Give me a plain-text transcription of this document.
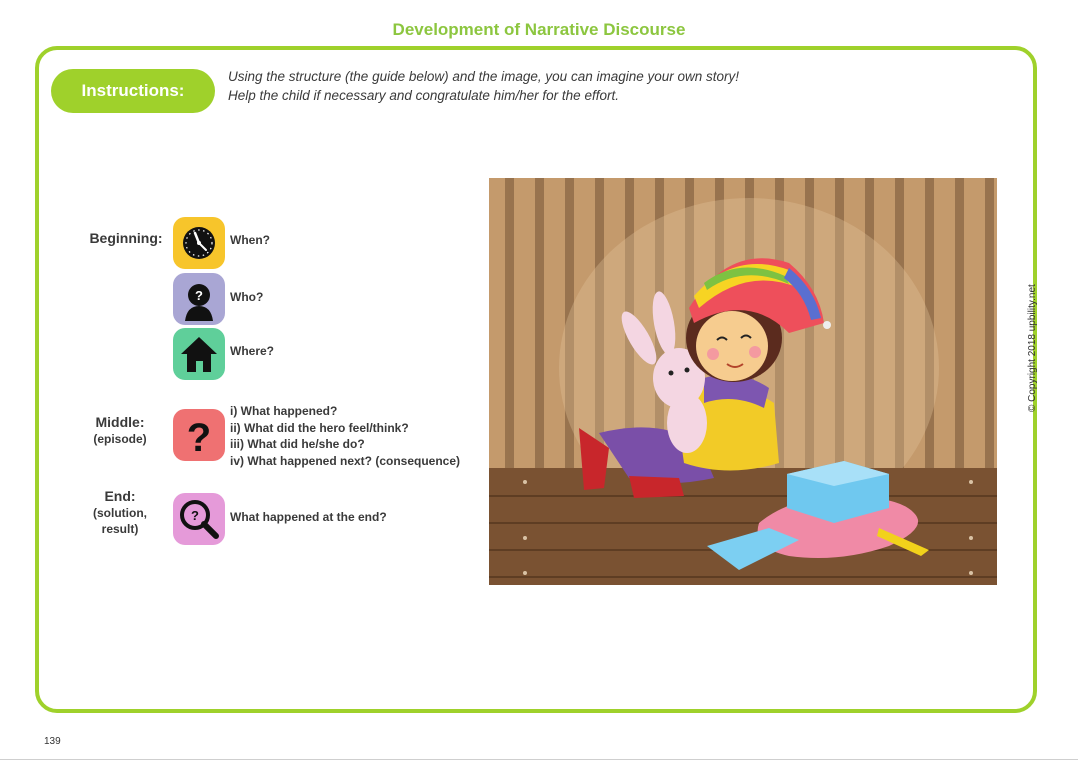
Development of Narrative Discourse
Instructions:
Using the structure (the guide below) and the image, you can imagine your own story!
Help the child if necessary and congratulate him/her for the effort.
Beginning:	When?
? Who?
Where?
Middle:
(episode)	?
i) What happened?
ii) What did the hero feel/think?
iii) What did he/she do?
iv) What happened next? (consequence)
End:
(solution,
result)
?	What happened at the end?
© Copyright 2018 upbility.net
139
